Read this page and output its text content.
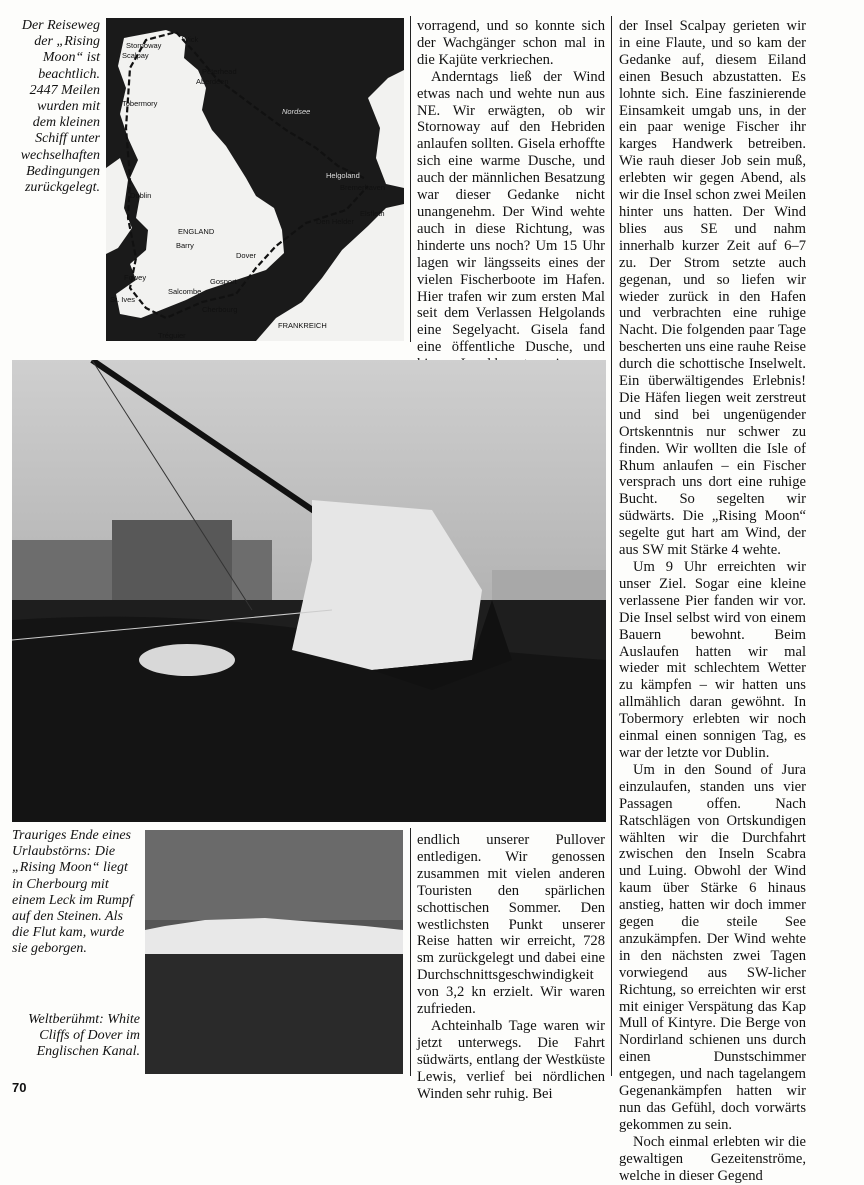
Der Reiseweg der „Rising Moon“ ist beachtlich. 2447 Meilen wurden mit dem kleinen Schiff unter wechselhaften Bedingungen zurückgelegt.
Stornoway
Scalpay
Wick
Peterhead
Aberdeen
Tobermory
Nordsee
Dublin
ENGLAND
Helgoland
Bremerhaven
Elsfleth
Den Helder
Barry
Fowey
Salcombe
St. Ives
Dover
Gosport
Cherbourg
Tréguier
FRANKREICH

vorragend, und so konnte sich der Wachgänger schon mal in die Kajüte verkriechen.

Anderntags ließ der Wind etwas nach und wehte nun aus NE. Wir erwägten, ob wir Stornoway auf den Hebriden anlaufen sollten. Gisela erhoffte sich eine warme Dusche, und auch der männlichen Besatzung war dieser Gedanke nicht unangenehm. Der Wind wehte auch in diese Richtung, was hinderte uns noch? Um 15 Uhr lagen wir längsseits eines der vielen Fischerboote im Hafen. Hier trafen wir zum ersten Mal seit dem Verlassen Helgolands eine Segelyacht. Gisela fand eine öffentliche Dusche, und

Trauriges Ende eines Urlaubstörns: Die „Rising Moon“ liegt in Cherbourg mit einem Leck im Rumpf auf den Steinen. Als die Flut kam, wurde sie geborgen.
Weltberühmt: White Cliffs of Dover im Englischen Kanal.

endlich unserer Pullover entledigen. Wir genossen zusammen mit vielen anderen Touristen den spärlichen schottischen Sommer. Den westlichsten Punkt unserer Reise hatten wir erreicht, 728 sm zurückgelegt und dabei eine Durchschnittsgeschwindigkeit von 3,2 kn erzielt. Wir waren zufrieden.

Achteinhalb Tage waren wir jetzt unterwegs. Die Fahrt südwärts, entlang der Westküste Lewis, verlief bei nördlichen Winden sehr ruhig. Bei

der Insel Scalpay gerieten wir in eine Flaute, und so kam der Gedanke auf, diesem Eiland einen Besuch abzustatten. Es lohnte sich. Eine faszinierende Einsamkeit umgab uns, in der ein paar wenige Fischer ihr karges Handwerk betreiben. Wie rauh dieser Job sein muß, erlebten wir gegen Abend, als wir die Insel schon zwei Meilen hinter uns hatten. Der Wind blies aus SE und nahm innerhalb kurzer Zeit auf 6–7 zu. Der Strom setzte auch gegenan, und so liefen wir wieder zurück in den Hafen und verbrachten eine ruhige Nacht. Die folgenden paar Tage bescherten uns eine rauhe Reise durch die schottische Inselwelt. Ein überwältigendes Erlebnis! Die Häfen liegen weit zerstreut und sind bei ungenügender Ortskenntnis nur schwer zu finden. Wir wollten die Isle of Rhum anlaufen – ein Fischer versprach uns dort eine ruhige Bucht. So segelten wir südwärts. Die „Rising Moon“ segelte gut hart am Wind, der aus SW mit Stärke 4 wehte.

Um 9 Uhr erreichten wir unser Ziel. Sogar eine kleine verlassene Pier fanden wir vor. Die Insel selbst wird von einem Bauern bewohnt. Beim Auslaufen hatten wir mal wieder mit schlechtem Wetter zu kämpfen – wir hatten uns allmählich daran gewöhnt. In Tobermory erlebten wir noch einmal einen sonnigen Tag, es war der letzte vor Dublin.

Um in den Sound of Jura einzulaufen, standen uns vier Passagen offen. Nach Ratschlägen von Ortskundigen wählten wir die Durchfahrt zwischen den Inseln Scabra und Luing. Obwohl der Wind kaum über Stärke 6 hinaus anstieg, hatten wir doch immer gegen die steile See anzukämpfen. Der Wind wehte in den nächsten zwei Tagen vorwiegend aus SW-licher Richtung, so erreichten wir erst mit einiger Verspätung das Kap Mull of Kintyre. Die Berge von Nordirland schienen uns durch einen Dunstschimmer entgegen, und nach tagelangem Gegenankämpfen hatten wir nun das Gefühl, doch vorwärts gekommen zu sein.

Noch einmal erlebten wir die gewaltigen Gezeitenströme, welche in dieser Gegend

70
